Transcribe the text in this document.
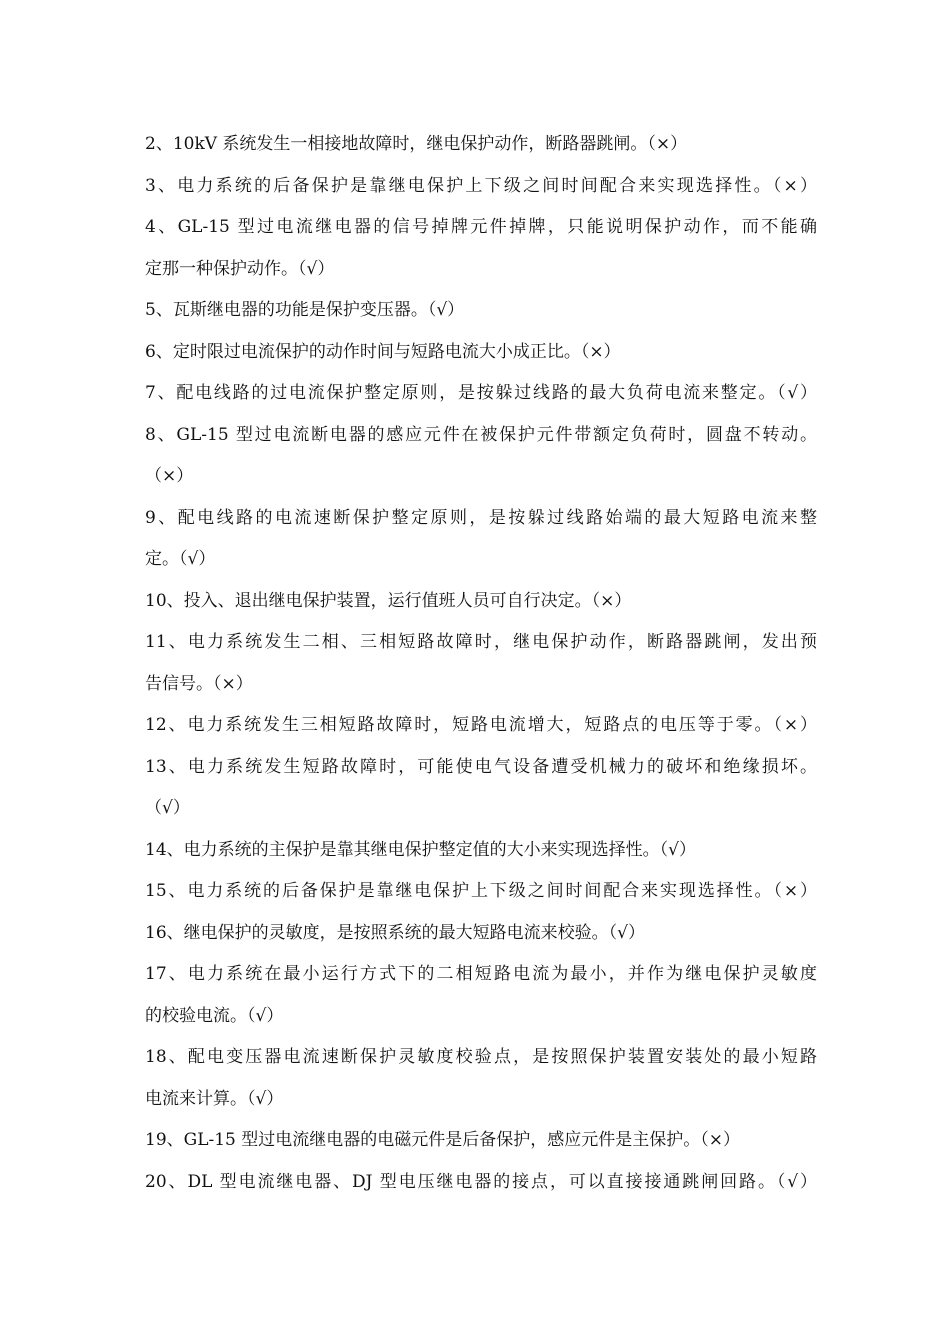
2、10kV 系统发生一相接地故障时，继电保护动作，断路器跳闸。（×）
3、电力系统的后备保护是靠继电保护上下级之间时间配合来实现选择性。（×）
4、GL-15 型过电流继电器的信号掉牌元件掉牌，只能说明保护动作，而不能确
定那一种保护动作。（√）
5、瓦斯继电器的功能是保护变压器。（√）
6、定时限过电流保护的动作时间与短路电流大小成正比。（×）
7、配电线路的过电流保护整定原则，是按躲过线路的最大负荷电流来整定。（√）
8、GL-15 型过电流断电器的感应元件在被保护元件带额定负荷时，圆盘不转动。
（×）
9、配电线路的电流速断保护整定原则，是按躲过线路始端的最大短路电流来整
定。（√）
10、投入、退出继电保护装置，运行值班人员可自行决定。（×）
11、电力系统发生二相、三相短路故障时，继电保护动作，断路器跳闸，发出预
告信号。（×）
12、电力系统发生三相短路故障时，短路电流增大，短路点的电压等于零。（×）
13、电力系统发生短路故障时，可能使电气设备遭受机械力的破坏和绝缘损坏。
（√）
14、电力系统的主保护是靠其继电保护整定值的大小来实现选择性。（√）
15、电力系统的后备保护是靠继电保护上下级之间时间配合来实现选择性。（×）
16、继电保护的灵敏度，是按照系统的最大短路电流来校验。（√）
17、电力系统在最小运行方式下的二相短路电流为最小，并作为继电保护灵敏度
的校验电流。（√）
18、配电变压器电流速断保护灵敏度校验点，是按照保护装置安装处的最小短路
电流来计算。（√）
19、GL-15 型过电流继电器的电磁元件是后备保护，感应元件是主保护。（×）
20、DL 型电流继电器、DJ 型电压继电器的接点，可以直接接通跳闸回路。（√）
